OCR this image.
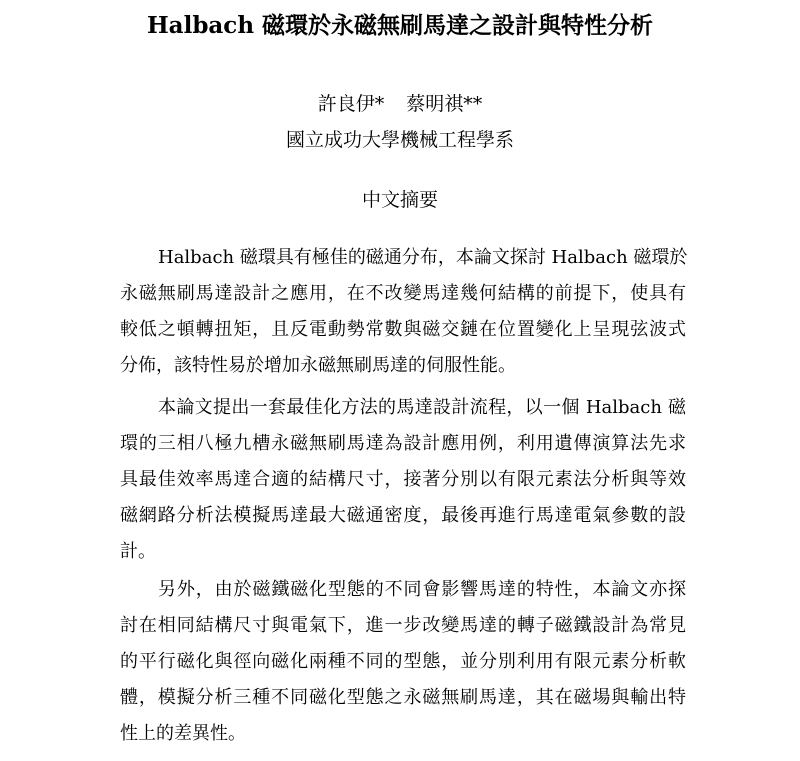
Halbach 磁環於永磁無刷馬達之設計與特性分析
許良伊* 蔡明祺**
國立成功大學機械工程學系
中文摘要
Halbach 磁環具有極佳的磁通分布，本論文探討 Halbach 磁環於
永磁無刷馬達設計之應用，在不改變馬達幾何結構的前提下，使具有
較低之頓轉扭矩，且反電動勢常數與磁交鏈在位置變化上呈現弦波式
分佈，該特性易於增加永磁無刷馬達的伺服性能。
本論文提出一套最佳化方法的馬達設計流程，以一個 Halbach 磁
環的三相八極九槽永磁無刷馬達為設計應用例，利用遺傳演算法先求
具最佳效率馬達合適的結構尺寸，接著分別以有限元素法分析與等效
磁網路分析法模擬馬達最大磁通密度，最後再進行馬達電氣參數的設
計。
另外，由於磁鐵磁化型態的不同會影響馬達的特性，本論文亦探
討在相同結構尺寸與電氣下，進一步改變馬達的轉子磁鐵設計為常見
的平行磁化與徑向磁化兩種不同的型態，並分別利用有限元素分析軟
體，模擬分析三種不同磁化型態之永磁無刷馬達，其在磁場與輸出特
性上的差異性。
